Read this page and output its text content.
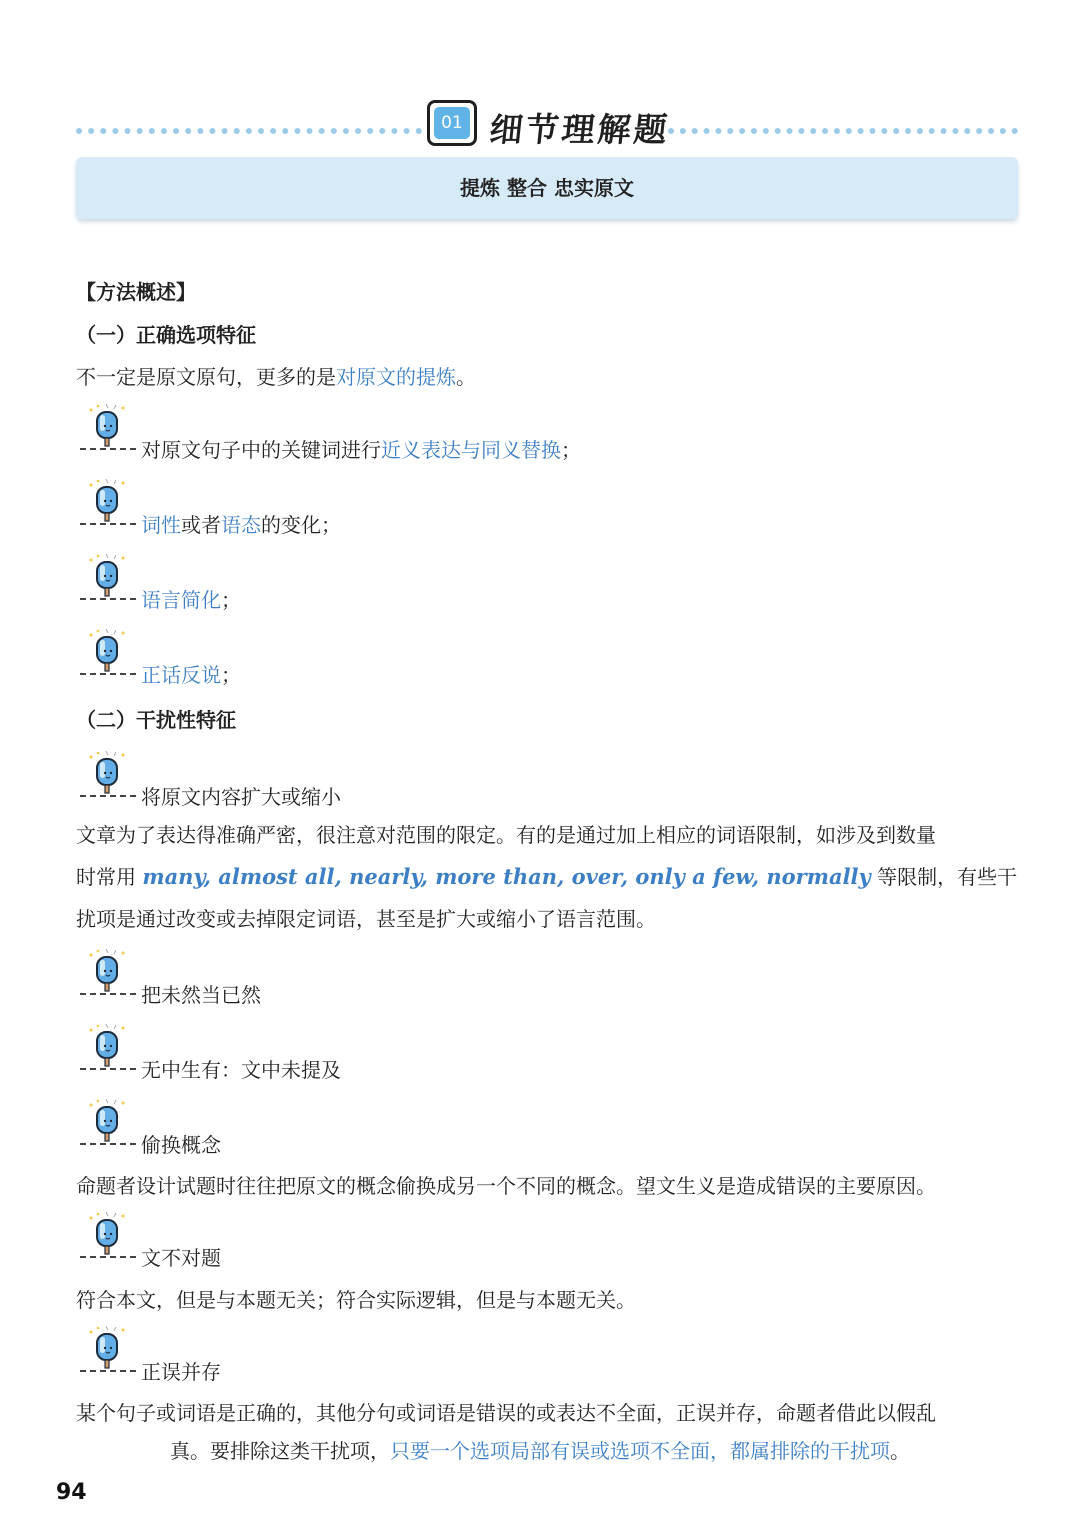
01 细节理解题
提炼 整合 忠实原文
【方法概述】
（一）正确选项特征
不一定是原文原句，更多的是对原文的提炼。
对原文句子中的关键词进行近义表达与同义替换；
词性或者语态的变化；
语言简化；
正话反说；
（二）干扰性特征
将原文内容扩大或缩小
文章为了表达得准确严密，很注意对范围的限定。有的是通过加上相应的词语限制，如涉及到数量
时常用 many, almost all, nearly, more than, over, only a few, normally 等限制，有些干
扰项是通过改变或去掉限定词语，甚至是扩大或缩小了语言范围。
把未然当已然
无中生有：文中未提及
偷换概念
命题者设计试题时往往把原文的概念偷换成另一个不同的概念。望文生义是造成错误的主要原因。
文不对题
符合本文，但是与本题无关；符合实际逻辑，但是与本题无关。
正误并存
某个句子或词语是正确的，其他分句或词语是错误的或表达不全面，正误并存，命题者借此以假乱
真。要排除这类干扰项，只要一个选项局部有误或选项不全面，都属排除的干扰项。
94
